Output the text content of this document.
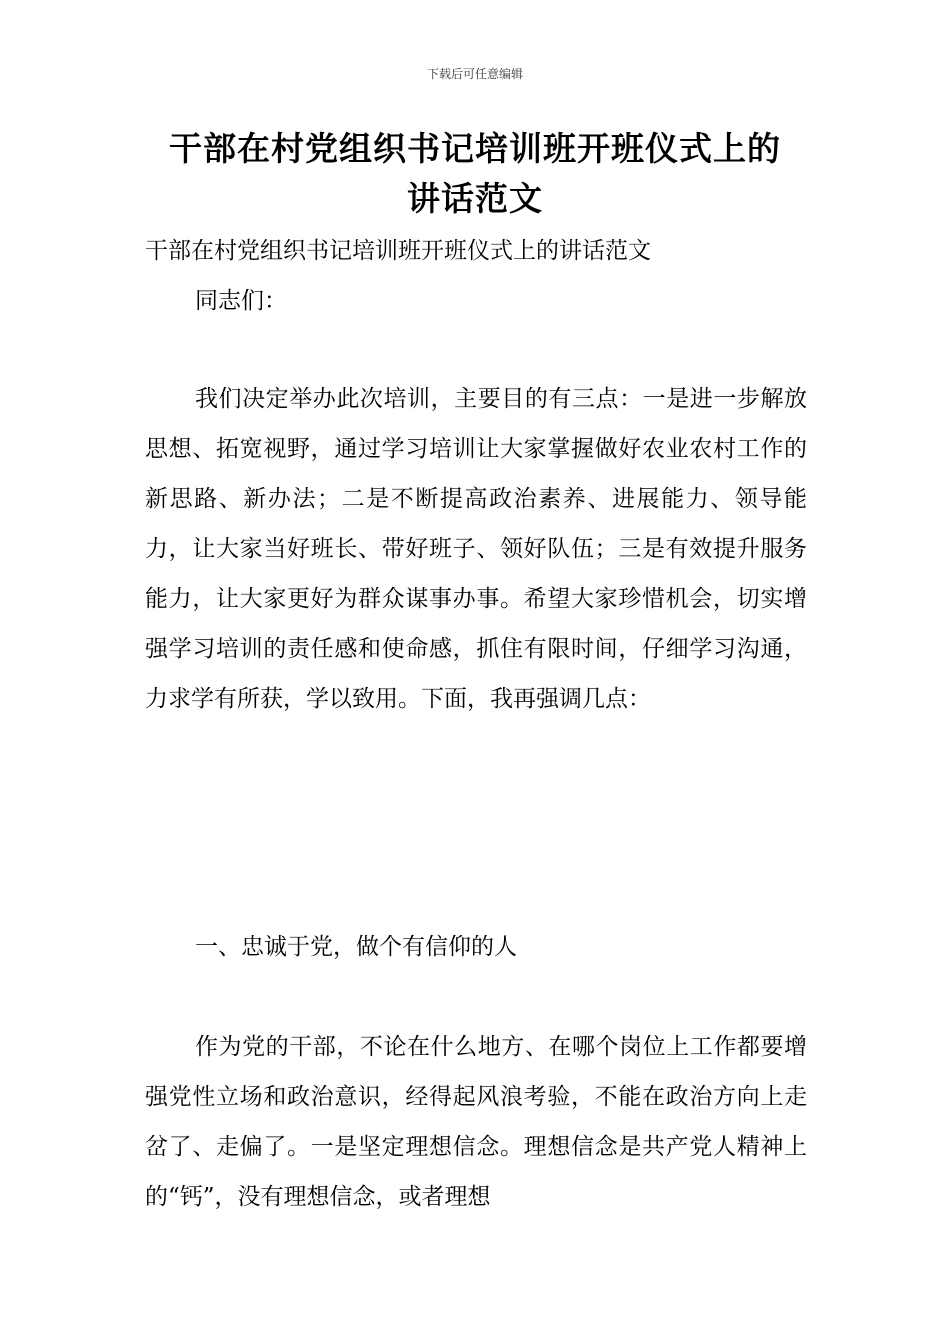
下载后可任意编辑
干部在村党组织书记培训班开班仪式上的
讲话范文

干部在村党组织书记培训班开班仪式上的讲话范文

同志们：

我们决定举办此次培训，主要目的有三点：一是进一步解放思想、拓宽视野，通过学习培训让大家掌握做好农业农村工作的新思路、新办法；二是不断提高政治素养、进展能力、领导能力，让大家当好班长、带好班子、领好队伍；三是有效提升服务能力，让大家更好为群众谋事办事。希望大家珍惜机会，切实增强学习培训的责任感和使命感，抓住有限时间，仔细学习沟通，力求学有所获，学以致用。下面，我再强调几点：

一、忠诚于党，做个有信仰的人

作为党的干部，不论在什么地方、在哪个岗位上工作都要增强党性立场和政治意识，经得起风浪考验，不能在政治方向上走岔了、走偏了。一是坚定理想信念。理想信念是共产党人精神上的“钙”，没有理想信念，或者理想
